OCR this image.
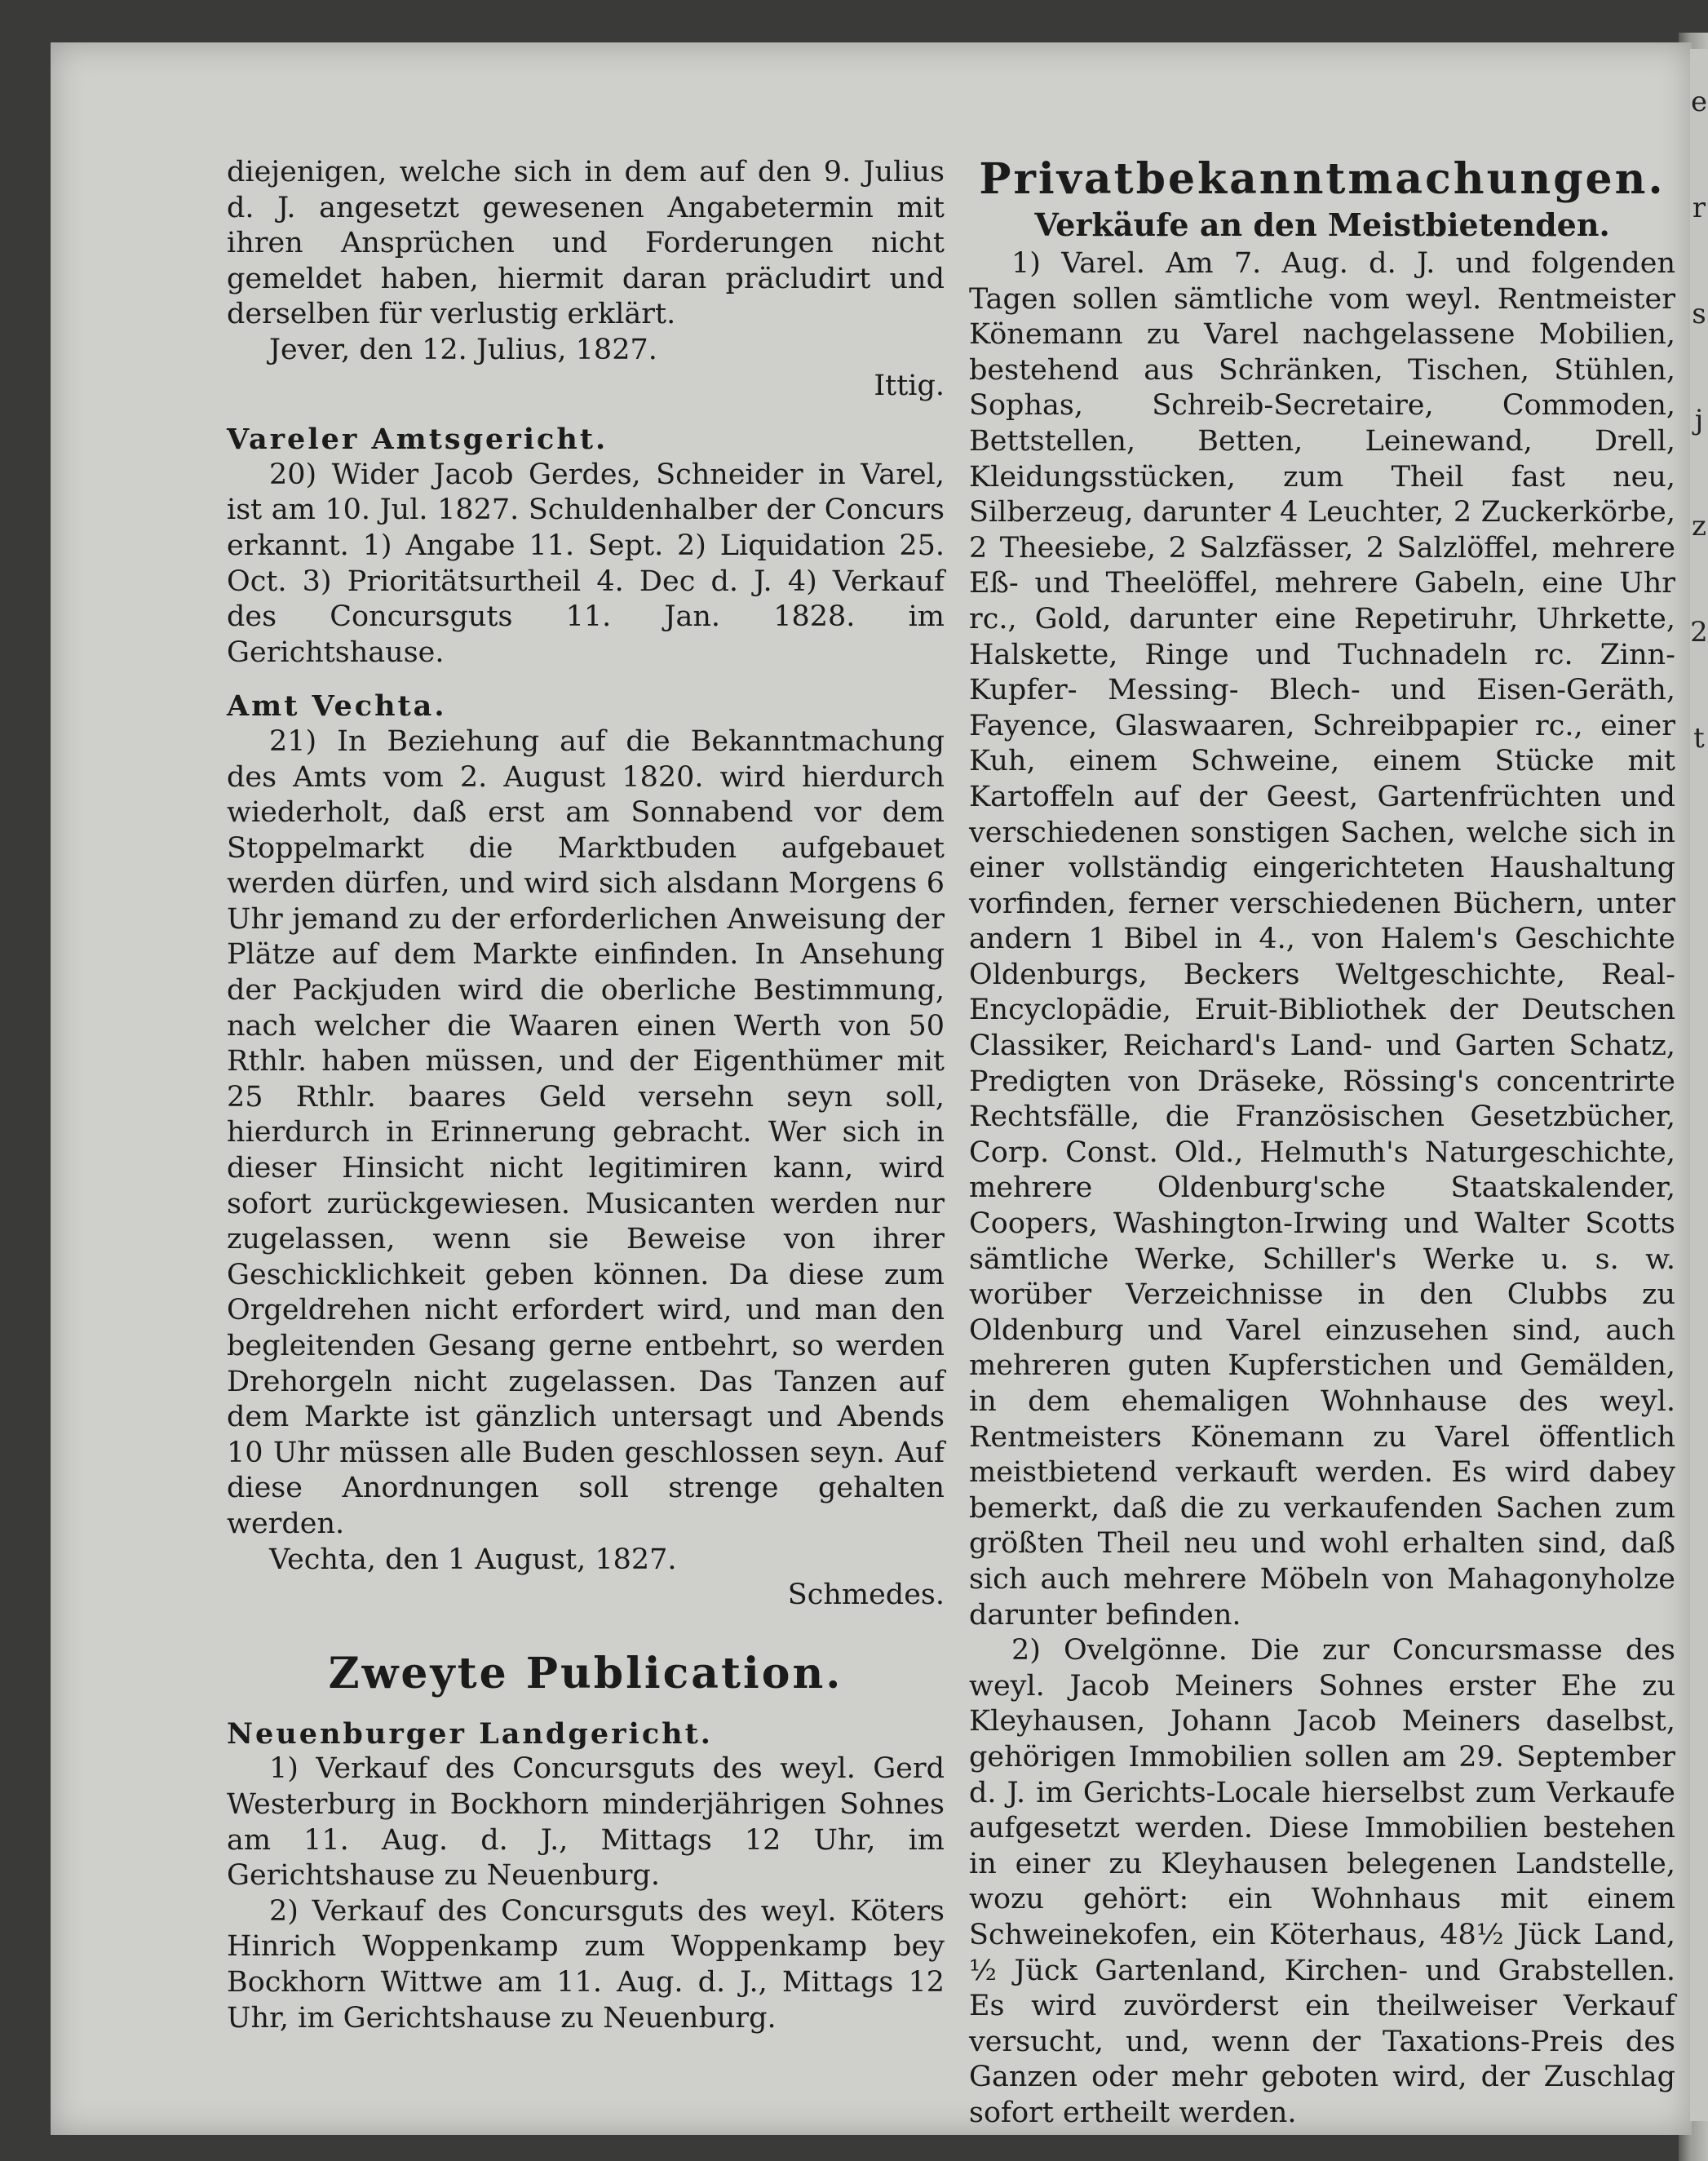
e r s j z 2 t

diejenigen, welche sich in dem auf den 9. Julius d. J. angesetzt gewesenen Angabetermin mit ihren Ansprüchen und Forderungen nicht gemeldet haben, hiermit daran präcludirt und derselben für verlustig erklärt.

Jever, den 12. Julius, 1827.

Ittig.

Vareler Amtsgericht.

20) Wider Jacob Gerdes, Schneider in Varel, ist am 10. Jul. 1827. Schuldenhalber der Concurs erkannt. 1) Angabe 11. Sept. 2) Liquidation 25. Oct. 3) Prioritätsurtheil 4. Dec d. J. 4) Verkauf des Concursguts 11. Jan. 1828. im Gerichtshause.

Amt Vechta.

21) In Beziehung auf die Bekanntmachung des Amts vom 2. August 1820. wird hierdurch wiederholt, daß erst am Sonnabend vor dem Stoppelmarkt die Marktbuden aufgebauet werden dürfen, und wird sich alsdann Morgens 6 Uhr jemand zu der erforderlichen Anweisung der Plätze auf dem Markte einfinden. In Ansehung der Packjuden wird die oberliche Bestimmung, nach welcher die Waaren einen Werth von 50 Rthlr. haben müssen, und der Eigenthümer mit 25 Rthlr. baares Geld versehn seyn soll, hierdurch in Erinnerung gebracht. Wer sich in dieser Hinsicht nicht legitimiren kann, wird sofort zurückgewiesen. Musicanten werden nur zugelassen, wenn sie Beweise von ihrer Geschicklichkeit geben können. Da diese zum Orgeldrehen nicht erfordert wird, und man den begleitenden Gesang gerne entbehrt, so werden Drehorgeln nicht zugelassen. Das Tanzen auf dem Markte ist gänzlich untersagt und Abends 10 Uhr müssen alle Buden geschlossen seyn. Auf diese Anordnungen soll strenge gehalten werden.

Vechta, den 1 August, 1827.

Schmedes.

Zweyte Publication.

Neuenburger Landgericht.

1) Verkauf des Concursguts des weyl. Gerd Westerburg in Bockhorn minderjährigen Sohnes am 11. Aug. d. J., Mittags 12 Uhr, im Gerichtshause zu Neuenburg.

2) Verkauf des Concursguts des weyl. Köters Hinrich Woppenkamp zum Woppenkamp bey Bockhorn Wittwe am 11. Aug. d. J., Mittags 12 Uhr, im Gerichtshause zu Neuenburg.

Privatbekanntmachungen.

Verkäufe an den Meistbietenden.

1) Varel. Am 7. Aug. d. J. und folgenden Tagen sollen sämtliche vom weyl. Rentmeister Könemann zu Varel nachgelassene Mobilien, bestehend aus Schränken, Tischen, Stühlen, Sophas, Schreib-Secretaire, Commoden, Bettstellen, Betten, Leinewand, Drell, Kleidungsstücken, zum Theil fast neu, Silberzeug, darunter 4 Leuchter, 2 Zuckerkörbe, 2 Theesiebe, 2 Salzfässer, 2 Salzlöffel, mehrere Eß- und Theelöffel, mehrere Gabeln, eine Uhr rc., Gold, darunter eine Repetiruhr, Uhrkette, Halskette, Ringe und Tuchnadeln rc. Zinn- Kupfer- Messing- Blech- und Eisen-Geräth, Fayence, Glaswaaren, Schreibpapier rc., einer Kuh, einem Schweine, einem Stücke mit Kartoffeln auf der Geest, Gartenfrüchten und verschiedenen sonstigen Sachen, welche sich in einer vollständig eingerichteten Haushaltung vorfinden, ferner verschiedenen Büchern, unter andern 1 Bibel in 4., von Halem's Geschichte Oldenburgs, Beckers Weltgeschichte, Real-Encyclopädie, Eruit-Bibliothek der Deutschen Classiker, Reichard's Land- und Garten Schatz, Predigten von Dräseke, Rössing's concentrirte Rechtsfälle, die Französischen Gesetzbücher, Corp. Const. Old., Helmuth's Naturgeschichte, mehrere Oldenburg'sche Staatskalender, Coopers, Washington-Irwing und Walter Scotts sämtliche Werke, Schiller's Werke u. s. w. worüber Verzeichnisse in den Clubbs zu Oldenburg und Varel einzusehen sind, auch mehreren guten Kupferstichen und Gemälden, in dem ehemaligen Wohnhause des weyl. Rentmeisters Könemann zu Varel öffentlich meistbietend verkauft werden. Es wird dabey bemerkt, daß die zu verkaufenden Sachen zum größten Theil neu und wohl erhalten sind, daß sich auch mehrere Möbeln von Mahagonyholze darunter befinden.

2) Ovelgönne. Die zur Concursmasse des weyl. Jacob Meiners Sohnes erster Ehe zu Kleyhausen, Johann Jacob Meiners daselbst, gehörigen Immobilien sollen am 29. September d. J. im Gerichts-Locale hierselbst zum Verkaufe aufgesetzt werden. Diese Immobilien bestehen in einer zu Kleyhausen belegenen Landstelle, wozu gehört: ein Wohnhaus mit einem Schweinekofen, ein Köterhaus, 48½ Jück Land, ½ Jück Gartenland, Kirchen- und Grabstellen. Es wird zuvörderst ein theilweiser Verkauf versucht, und, wenn der Taxations-Preis des Ganzen oder mehr geboten wird, der Zuschlag sofort ertheilt werden.
